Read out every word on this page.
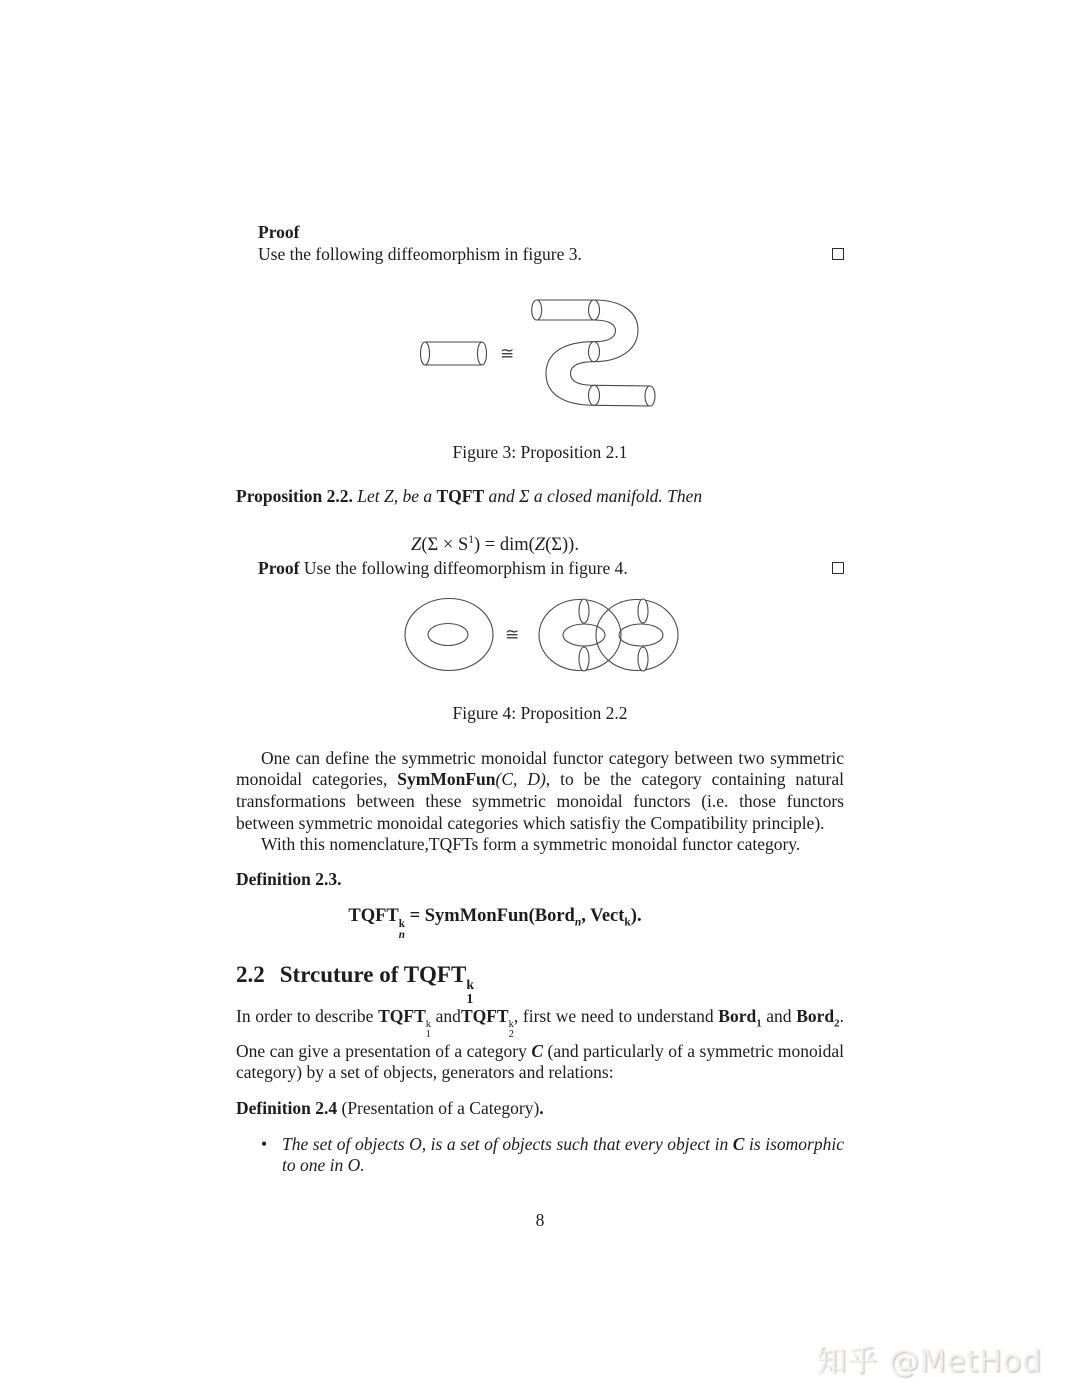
Proof
Use the following diffeomorphism in figure 3.
≅
Figure 3: Proposition 2.1
Proposition 2.2. Let Z, be a TQFT and Σ a closed manifold. Then
$Z(\Sigma \times S^1) = dim(Z(\Sigma))$.
Proof Use the following diffeomorphism in figure 4.
≅
Figure 4: Proposition 2.2

One can define the symmetric monoidal functor category between two symmetric monoidal categories, SymMonFun(C, D), to be the category containing natural transformations between these symmetric monoidal functors (i.e. those functors between symmetric monoidal categories which satisfiy the Compatibility principle).

With this nomenclature,TQFTs form a symmetric monoidal functor category.

Definition 2.3.
TQFT k
n
= SymMonFun(Bord$_n$, Vect$_k$).
2.2 Strcuture of TQFT k
1

In order to describe TQFT k
1
andTQFT k
2
, first we need to understand Bord$_1$ and Bord$_2$. One can give a presentation of a category C (and particularly of a symmetric monoidal category) by a set of objects, generators and relations:

Definition 2.4 (Presentation of a Category).
• The set of objects O, is a set of objects such that every object in C is isomorphic to one in O.
8
知乎 @MetHod
